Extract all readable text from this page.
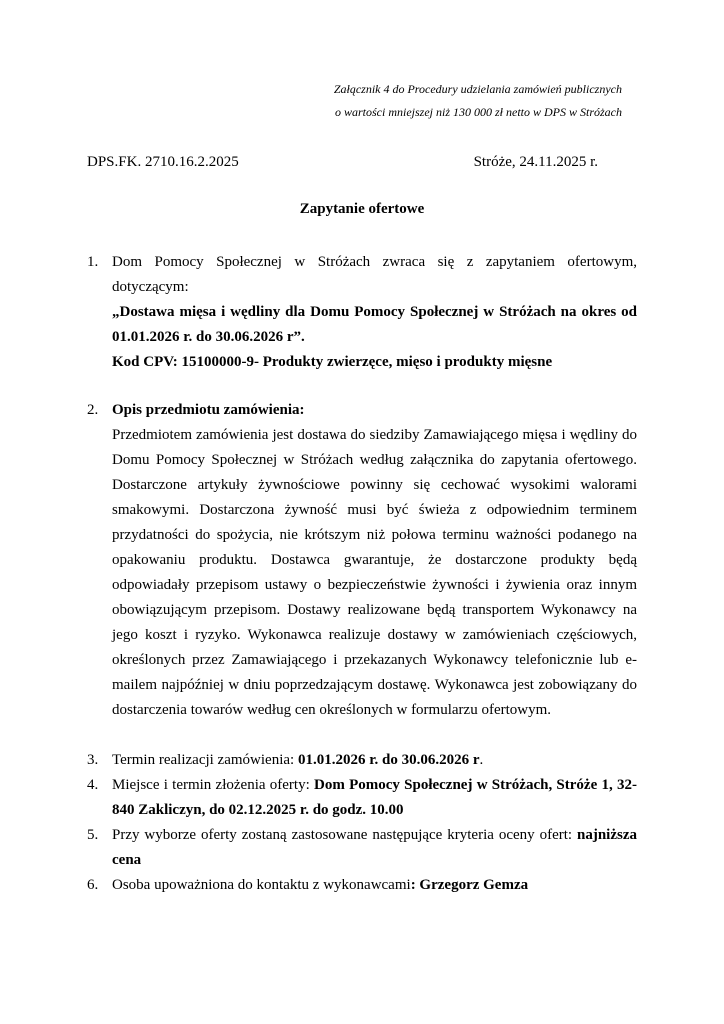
Załącznik 4 do Procedury udzielania zamówień publicznych
o wartości mniejszej niż 130 000 zł netto w DPS w Stróżach
DPS.FK. 2710.16.2.2025	Stróże, 24.11.2025 r.
Zapytanie ofertowe
1. Dom Pomocy Społecznej w Stróżach zwraca się z zapytaniem ofertowym, dotyczącym:
„Dostawa mięsa i wędliny dla Domu Pomocy Społecznej w Stróżach na okres od 01.01.2026 r. do 30.06.2026 r”.
Kod CPV: 15100000-9- Produkty zwierzęce, mięso i produkty mięsne
2. Opis przedmiotu zamówienia:
Przedmiotem zamówienia jest dostawa do siedziby Zamawiającego mięsa i wędliny do Domu Pomocy Społecznej w Stróżach według załącznika do zapytania ofertowego. Dostarczone artykuły żywnościowe powinny się cechować wysokimi walorami smakowymi. Dostarczona żywność musi być świeża z odpowiednim terminem przydatności do spożycia, nie krótszym niż połowa terminu ważności podanego na opakowaniu produktu. Dostawca gwarantuje, że dostarczone produkty będą odpowiadały przepisom ustawy o bezpieczeństwie żywności i żywienia oraz innym obowiązującym przepisom. Dostawy realizowane będą transportem Wykonawcy na jego koszt i ryzyko. Wykonawca realizuje dostawy w zamówieniach częściowych, określonych przez Zamawiającego i przekazanych Wykonawcy telefonicznie lub e-mailem najpóźniej w dniu poprzedzającym dostawę. Wykonawca jest zobowiązany do dostarczenia towarów według cen określonych w formularzu ofertowym.
3. Termin realizacji zamówienia: 01.01.2026 r. do 30.06.2026 r.
4. Miejsce i termin złożenia oferty: Dom Pomocy Społecznej w Stróżach, Stróże 1, 32-840 Zakliczyn, do 02.12.2025 r. do godz. 10.00
5. Przy wyborze oferty zostaną zastosowane następujące kryteria oceny ofert: najniższa cena
6. Osoba upoważniona do kontaktu z wykonawcami: Grzegorz Gemza
